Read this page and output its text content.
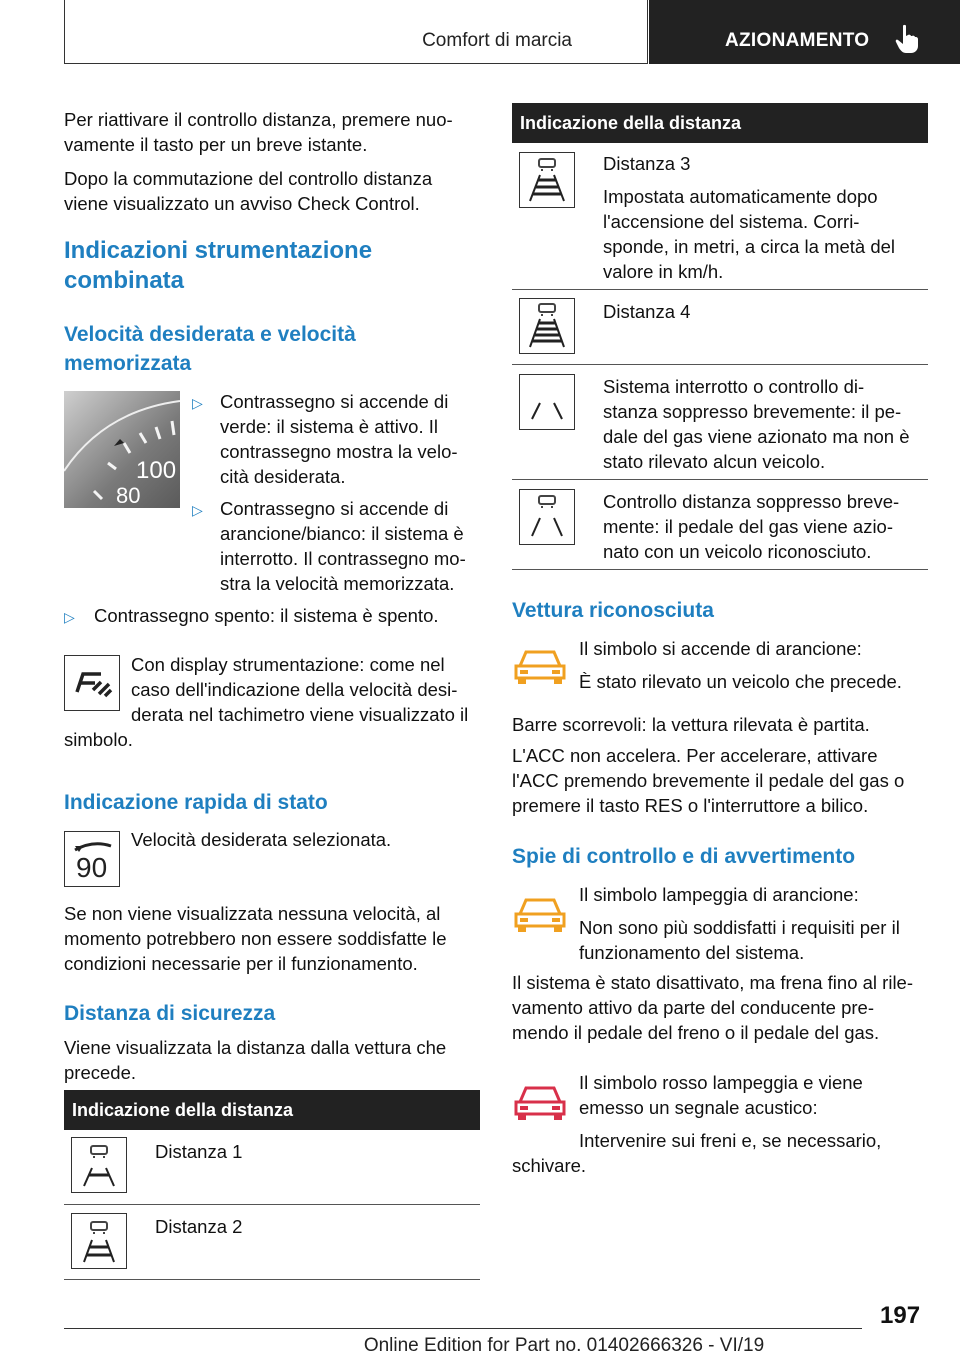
Comfort di marcia	AZIONAMENTO

Per riattivare il controllo distanza, premere nuo-
vamente il tasto per un breve istante.

Dopo la commutazione del controllo distanza
viene visualizzato un avviso Check Control.

Indicazioni strumentazione
combinata
Velocità desiderata e velocità
memorizzata
100
80
▷ Contrassegno si accende di
verde: il sistema è attivo. Il
contrassegno mostra la velo-
cità desiderata.
▷ Contrassegno si accende di
arancione/bianco: il sistema è
interrotto. Il contrassegno mo-
stra la velocità memorizzata.
▷ Contrassegno spento: il sistema è spento.
Con display strumentazione: come nel
caso dell'indicazione della velocità desi-
derata nel tachimetro viene visualizzato il
simbolo.
Indicazione rapida di stato
90
Velocità desiderata selezionata.
Se non viene visualizzata nessuna velocità, al
momento potrebbero non essere soddisfatte le
condizioni necessarie per il funzionamento.
Distanza di sicurezza
Viene visualizzata la distanza dalla vettura che
precede.
Indicazione della distanza
Distanza 1
Distanza 2
Indicazione della distanza
Distanza 3
Impostata automaticamente dopo
l'accensione del sistema. Corri-
sponde, in metri, a circa la metà del
valore in km/h.
Distanza 4
Sistema interrotto o controllo di-
stanza soppresso brevemente: il pe-
dale del gas viene azionato ma non è
stato rilevato alcun veicolo.
Controllo distanza soppresso breve-
mente: il pedale del gas viene azio-
nato con un veicolo riconosciuto.
Vettura riconosciuta
Il simbolo si accende di arancione:
È stato rilevato un veicolo che precede.
Barre scorrevoli: la vettura rilevata è partita.
L'ACC non accelera. Per accelerare, attivare
l'ACC premendo brevemente il pedale del gas o
premere il tasto RES o l'interruttore a bilico.
Spie di controllo e di avvertimento
Il simbolo lampeggia di arancione:
Non sono più soddisfatti i requisiti per il
funzionamento del sistema.
Il sistema è stato disattivato, ma frena fino al rile-
vamento attivo da parte del conducente pre-
mendo il pedale del freno o il pedale del gas.
Il simbolo rosso lampeggia e viene
emesso un segnale acustico:
Intervenire sui freni e, se necessario,
schivare.
197
Online Edition for Part no. 01402666326 - VI/19
